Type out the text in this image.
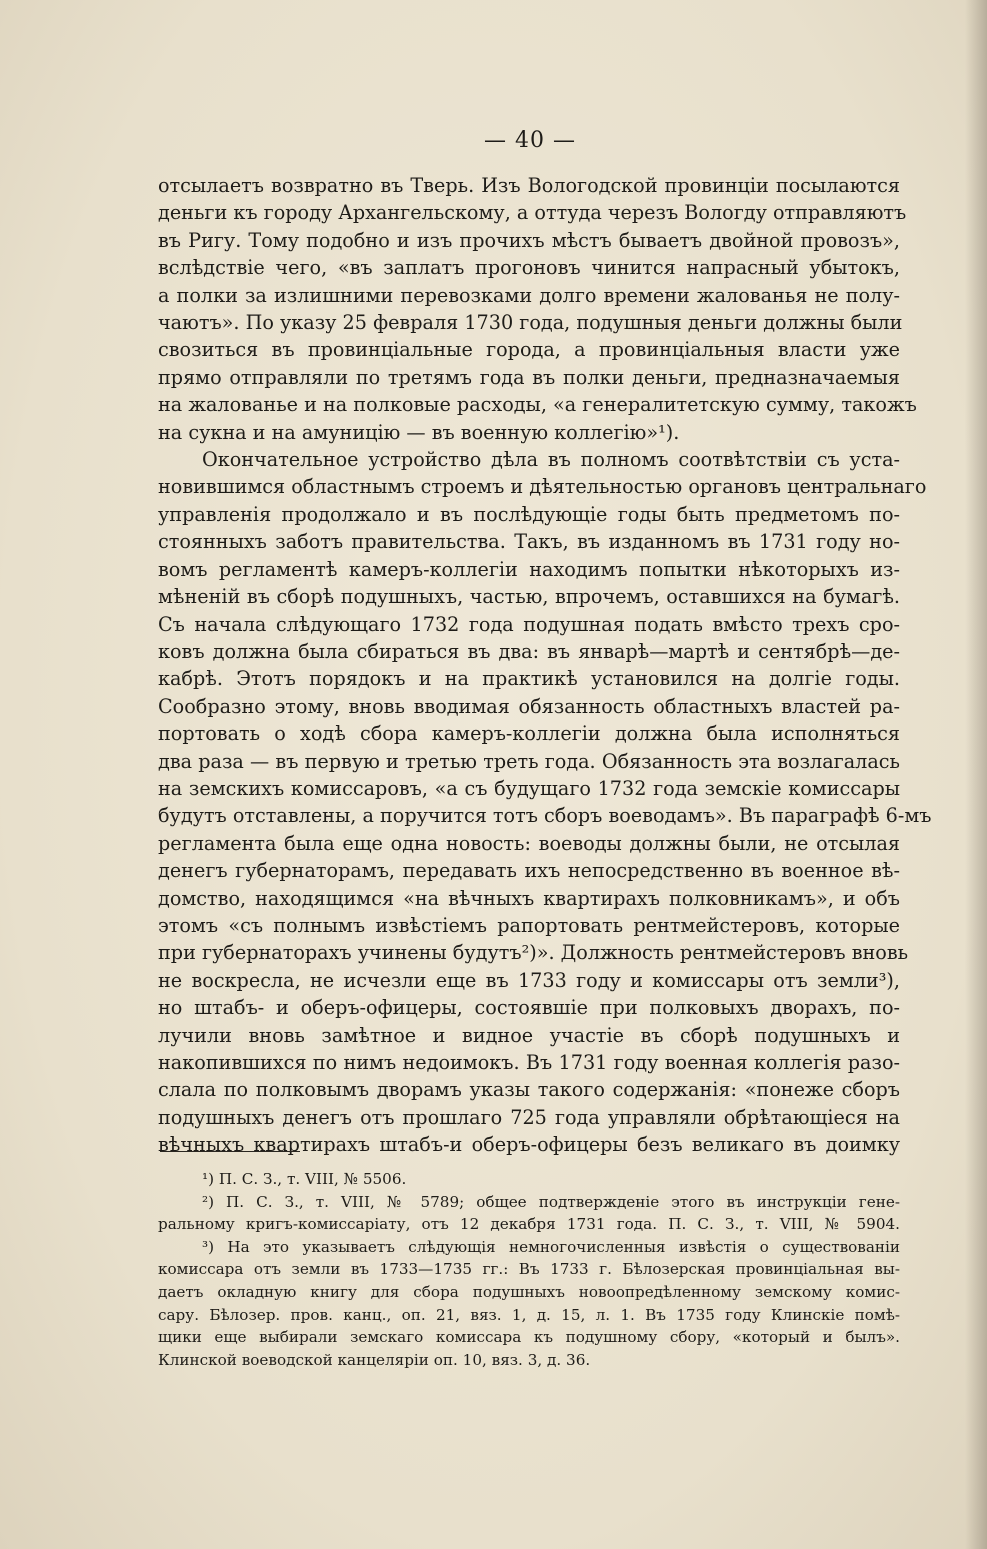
— 40 —
отсылаетъ возвратно въ Тверь. Изъ Вологодской провинціи посылаются
деньги къ городу Архангельскому, а оттуда черезъ Вологду отправляютъ
въ Ригу. Тому подобно и изъ прочихъ мѣстъ бываетъ двойной провозъ»,
вслѣдствіе чего, «въ заплатъ прогоновъ чинится напрасный убытокъ,
а полки за излишними перевозками долго времени жалованья не полу-
чаютъ». По указу 25 февраля 1730 года, подушныя деньги должны были
свозиться въ провинціальные города, а провинціальныя власти уже
прямо отправляли по третямъ года въ полки деньги, предназначаемыя
на жалованье и на полковые расходы, «а генералитетскую сумму, такожъ
на сукна и на амуницію — въ военную коллегію»¹).
Окончательное устройство дѣла въ полномъ соотвѣтствіи съ уста-
новившимся областнымъ строемъ и дѣятельностью органовъ центральнаго
управленія продолжало и въ послѣдующіе годы быть предметомъ по-
стоянныхъ заботъ правительства. Такъ, въ изданномъ въ 1731 году но-
вомъ регламентѣ камеръ-коллегіи находимъ попытки нѣкоторыхъ из-
мѣненій въ сборѣ подушныхъ, частью, впрочемъ, оставшихся на бумагѣ.
Съ начала слѣдующаго 1732 года подушная подать вмѣсто трехъ сро-
ковъ должна была сбираться въ два: въ январѣ—мартѣ и сентябрѣ—де-
кабрѣ. Этотъ порядокъ и на практикѣ установился на долгіе годы.
Сообразно этому, вновь вводимая обязанность областныхъ властей ра-
портовать о ходѣ сбора камеръ-коллегіи должна была исполняться
два раза — въ первую и третью треть года. Обязанность эта возлагалась
на земскихъ комиссаровъ, «а съ будущаго 1732 года земскіе комиссары
будутъ отставлены, а поручится тотъ сборъ воеводамъ». Въ параграфѣ 6-мъ
регламента была еще одна новость: воеводы должны были, не отсылая
денегъ губернаторамъ, передавать ихъ непосредственно въ военное вѣ-
домство, находящимся «на вѣчныхъ квартирахъ полковникамъ», и объ
этомъ «съ полнымъ извѣстіемъ рапортовать рентмейстеровъ, которые
при губернаторахъ учинены будутъ²)». Должность рентмейстеровъ вновь
не воскресла, не исчезли еще въ 1733 году и комиссары отъ земли³),
но штабъ- и оберъ-офицеры, состоявшіе при полковыхъ дворахъ, по-
лучили вновь замѣтное и видное участіе въ сборѣ подушныхъ и
накопившихся по нимъ недоимокъ. Въ 1731 году военная коллегія разо-
слала по полковымъ дворамъ указы такого содержанія: «понеже сборъ
подушныхъ денегъ отъ прошлаго 725 года управляли обрѣтающіеся на
вѣчныхъ квартирахъ штабъ-и оберъ-офицеры безъ великаго въ доимку
¹) П. С. З., т. VIII, № 5506.
²) П. С. З., т. VIII, № 5789; общее подтвержденіе этого въ инструкціи гене-
ральному кригъ-комиссаріату, отъ 12 декабря 1731 года. П. С. З., т. VIII, № 5904.
³) На это указываетъ слѣдующія немногочисленныя извѣстія о существованіи
комиссара отъ земли въ 1733—1735 гг.: Въ 1733 г. Бѣлозерская провинціальная вы-
даетъ окладную книгу для сбора подушныхъ новоопредѣленному земскому комис-
сару. Бѣлозер. пров. канц., оп. 21, вяз. 1, д. 15, л. 1. Въ 1735 году Клинскіе помѣ-
щики еще выбирали земскаго комиссара къ подушному сбору, «который и былъ».
Клинской воеводской канцеляріи оп. 10, вяз. 3, д. 36.
